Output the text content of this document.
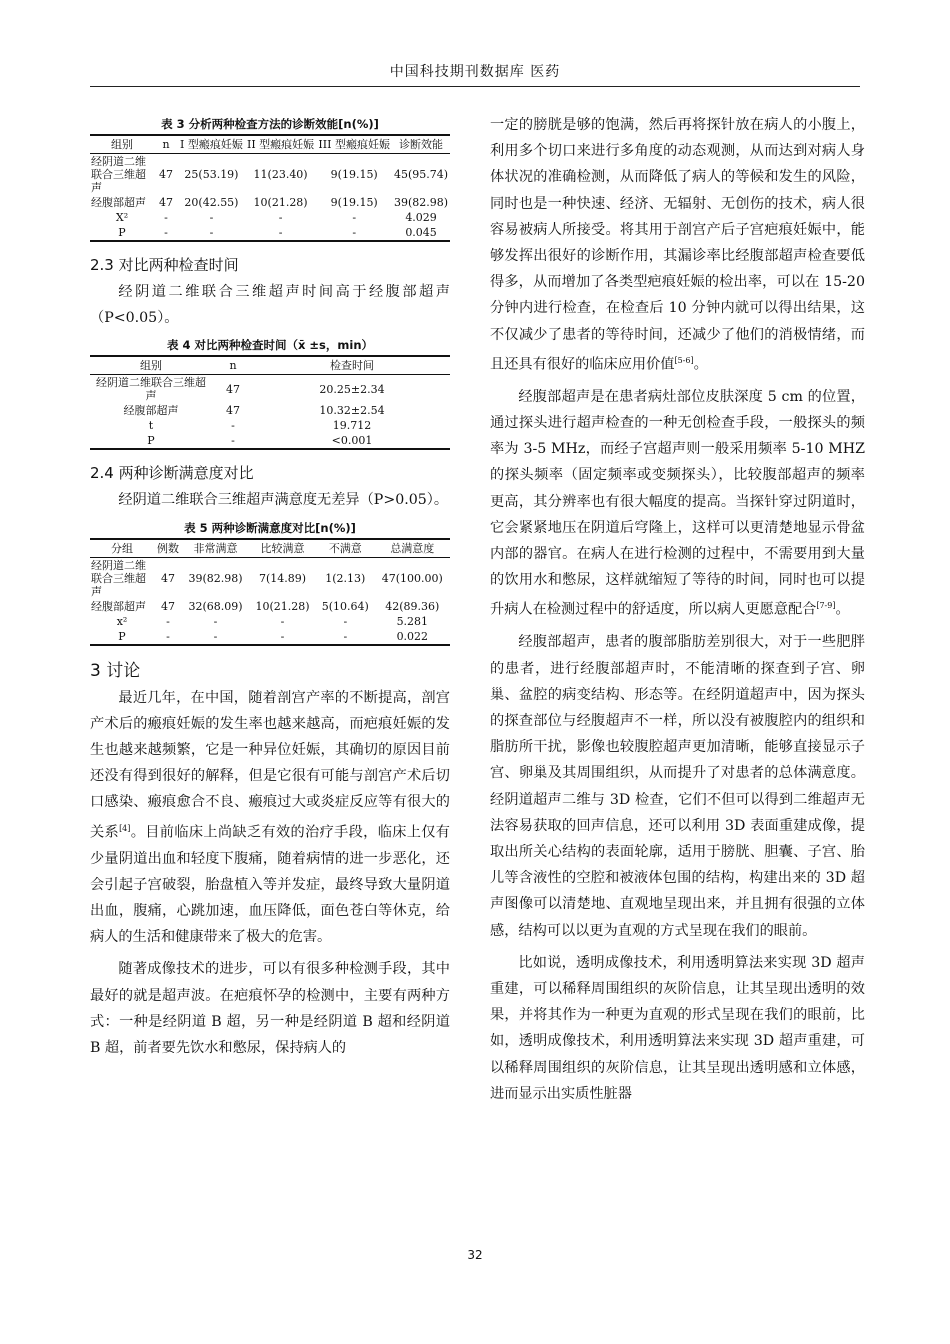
中国科技期刊数据库 医药
表 3 分析两种检查方法的诊断效能[n(%)]
组别	n	I 型瘢痕妊娠	II 型瘢痕妊娠	III 型瘢痕妊娠	诊断效能
经阴道二维联合三维超声	47	25(53.19)	11(23.40)	9(19.15)	45(95.74)
经腹部超声	47	20(42.55)	10(21.28)	9(19.15)	39(82.98)
X²	-	-	-	-	4.029
P	-	-	-	-	0.045
2.3 对比两种检查时间

经阴道二维联合三维超声时间高于经腹部超声（P<0.05）。

表 4 对比两种检查时间（x̄ ±s，min）
组别	n	检查时间
经阴道二维联合三维超声	47	20.25±2.34
经腹部超声	47	10.32±2.54
t	-	19.712
P	-	<0.001
2.4 两种诊断满意度对比

经阴道二维联合三维超声满意度无差异（P>0.05）。

表 5 两种诊断满意度对比[n(%)]
分组	例数	非常满意	比较满意	不满意	总满意度
经阴道二维联合三维超声	47	39(82.98)	7(14.89)	1(2.13)	47(100.00)
经腹部超声	47	32(68.09)	10(21.28)	5(10.64)	42(89.36)
x²	-	-	-	-	5.281
P	-	-	-	-	0.022
3 讨论

最近几年，在中国，随着剖宫产率的不断提高，剖宫产术后的瘢痕妊娠的发生率也越来越高，而疤痕妊娠的发生也越来越频繁，它是一种异位妊娠，其确切的原因目前还没有得到很好的解释，但是它很有可能与剖宫产术后切口感染、瘢痕愈合不良、瘢痕过大或炎症反应等有很大的关系[4]。目前临床上尚缺乏有效的治疗手段，临床上仅有少量阴道出血和轻度下腹痛，随着病情的进一步恶化，还会引起子宫破裂，胎盘植入等并发症，最终导致大量阴道出血，腹痛，心跳加速，血压降低，面色苍白等休克，给病人的生活和健康带来了极大的危害。

随著成像技术的进步，可以有很多种检测手段，其中最好的就是超声波。在疤痕怀孕的检测中，主要有两种方式：一种是经阴道 B 超，另一种是经阴道 B 超和经阴道 B 超，前者要先饮水和憋尿，保持病人的

一定的膀胱是够的饱满，然后再将探针放在病人的小腹上，利用多个切口来进行多角度的动态观测，从而达到对病人身体状况的准确检测，从而降低了病人的等候和发生的风险，同时也是一种快速、经济、无辐射、无创伤的技术，病人很容易被病人所接受。将其用于剖宫产后子宫疤痕妊娠中，能够发挥出很好的诊断作用，其漏诊率比经腹部超声检查要低得多，从而增加了各类型疤痕妊娠的检出率，可以在 15-20 分钟内进行检查，在检查后 10 分钟内就可以得出结果，这不仅减少了患者的等待时间，还减少了他们的消极情绪，而且还具有很好的临床应用价值[5-6]。

经腹部超声是在患者病灶部位皮肤深度 5 cm 的位置，通过探头进行超声检查的一种无创检查手段，一般探头的频率为 3-5 MHz，而经子宫超声则一般采用频率 5-10 MHZ 的探头频率（固定频率或变频探头），比较腹部超声的频率更高，其分辨率也有很大幅度的提高。当探针穿过阴道时，它会紧紧地压在阴道后穹隆上，这样可以更清楚地显示骨盆内部的器官。在病人在进行检测的过程中，不需要用到大量的饮用水和憋尿，这样就缩短了等待的时间，同时也可以提升病人在检测过程中的舒适度，所以病人更愿意配合[7-9]。

经腹部超声，患者的腹部脂肪差别很大，对于一些肥胖的患者，进行经腹部超声时，不能清晰的探查到子宫、卵巢、盆腔的病变结构、形态等。在经阴道超声中，因为探头的探查部位与经腹超声不一样，所以没有被腹腔内的组织和脂肪所干扰，影像也较腹腔超声更加清晰，能够直接显示子宫、卵巢及其周围组织，从而提升了对患者的总体满意度。经阴道超声二维与 3D 检查，它们不但可以得到二维超声无法容易获取的回声信息，还可以利用 3D 表面重建成像，提取出所关心结构的表面轮廓，适用于膀胱、胆囊、子宫、胎儿等含液性的空腔和被液体包围的结构，构建出来的 3D 超声图像可以清楚地、直观地呈现出来，并且拥有很强的立体感，结构可以以更为直观的方式呈现在我们的眼前。

比如说，透明成像技术，利用透明算法来实现 3D 超声重建，可以稀释周围组织的灰阶信息，让其呈现出透明的效果，并将其作为一种更为直观的形式呈现在我们的眼前，比如，透明成像技术，利用透明算法来实现 3D 超声重建，可以稀释周围组织的灰阶信息，让其呈现出透明感和立体感，进而显示出实质性脏器

32
